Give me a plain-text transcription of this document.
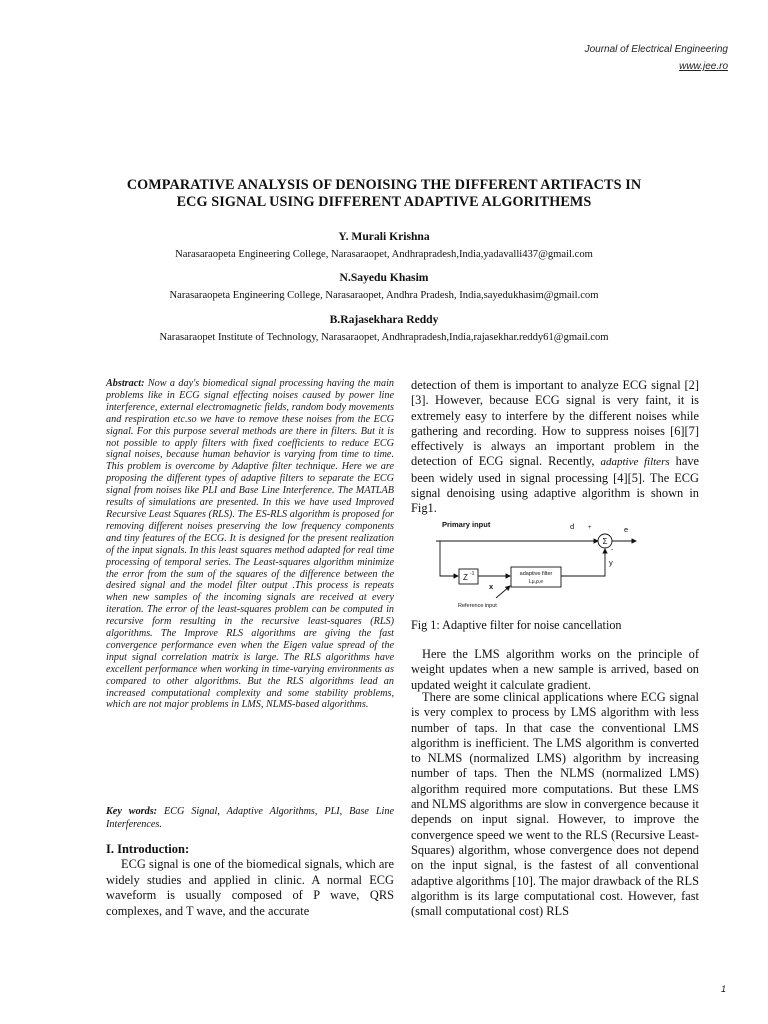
Journal of Electrical Engineering
www.jee.ro
COMPARATIVE ANALYSIS OF DENOISING THE DIFFERENT ARTIFACTS IN
ECG SIGNAL USING DIFFERENT ADAPTIVE ALGORITHEMS
Y. Murali Krishna
Narasaraopeta Engineering College, Narasaraopet, Andhrapradesh,India,yadavalli437@gmail.com
N.Sayedu Khasim
Narasaraopeta Engineering College, Narasaraopet, Andhra Pradesh, India,sayedukhasim@gmail.com
B.Rajasekhara Reddy
Narasaraopet Institute of Technology, Narasaraopet, Andhrapradesh,India,rajasekhar.reddy61@gmail.com
Abstract: Now a day's biomedical signal processing having the main problems like in ECG signal effecting noises caused by power line interference, external electromagnetic fields, random body movements and respiration etc.so we have to remove these noises from the ECG signal. For this purpose several methods are there in filters. But it is not possible to apply filters with fixed coefficients to reduce ECG signal noises, because human behavior is varying from time to time. This problem is overcome by Adaptive filter technique. Here we are proposing the different types of adaptive filters to separate the ECG signal from noises like PLI and Base Line Interference. The MATLAB results of simulations are presented. In this we have used Improved Recursive Least Squares (RLS). The ES-RLS algorithm is proposed for removing different noises preserving the low frequency components and tiny features of the ECG. It is designed for the present realization of the input signals. In this least squares method adapted for real time processing of temporal series. The Least-squares algorithm minimize the error from the sum of the squares of the difference between the desired signal and the model filter output .This process is repeats when new samples of the incoming signals are received at every iteration. The error of the least-squares problem can be computed in recursive form resulting in the recursive least-squares (RLS) algorithms. The Improve RLS algorithms are giving the fast convergence performance even when the Eigen value spread of the input signal correlation matrix is large. The RLS algorithms have excellent performance when working in time-varying environments as compared to other algorithms. But the RLS algorithms lead an increased computational complexity and some stability problems, which are not major problems in LMS, NLMS-based algorithms.
Key words: ECG Signal, Adaptive Algorithms, PLI, Base Line Interferences.
I. Introduction:
ECG signal is one of the biomedical signals, which are widely studies and applied in clinic. A normal ECG waveform is usually composed of P wave, QRS complexes, and T wave, and the accurate
detection of them is important to analyze ECG signal [2][3]. However, because ECG signal is very faint, it is extremely easy to interfere by the different noises while gathering and recording. How to suppress noises [6][7] effectively is always an important problem in the detection of ECG signal. Recently, adaptive filters have been widely used in signal processing [4][5]. The ECG signal denoising using adaptive algorithm is shown in Fig1.
Primary input	d +	e
-
y
Σ
Z -1
x
adaptive filter
Lμ,ρ,e
Reference input
Fig 1: Adaptive filter for noise cancellation
Here the LMS algorithm works on the principle of weight updates when a new sample is arrived, based on updated weight it calculate gradient.
There are some clinical applications where ECG signal is very complex to process by LMS algorithm with less number of taps. In that case the conventional LMS algorithm is inefficient. The LMS algorithm is converted to NLMS (normalized LMS) algorithm by increasing number of taps. Then the NLMS (normalized LMS) algorithm required more computations. But these LMS and NLMS algorithms are slow in convergence because it depends on input signal. However, to improve the convergence speed we went to the RLS (Recursive Least-Squares) algorithm, whose convergence does not depend on the input signal, is the fastest of all conventional adaptive algorithms [10]. The major drawback of the RLS algorithm is its large computational cost. However, fast (small computational cost) RLS
1
